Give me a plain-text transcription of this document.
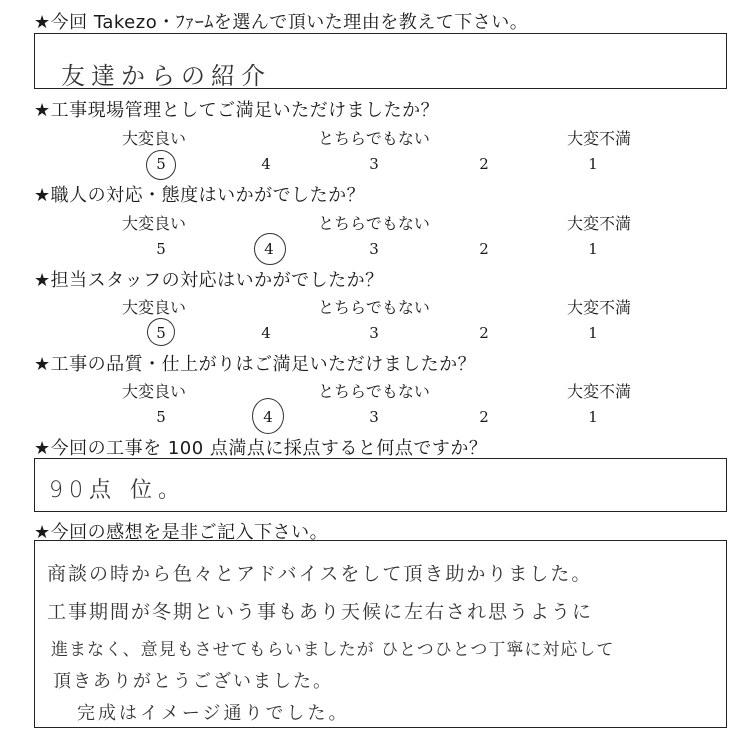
★今回 Takezo・ﾌｧｰﾑを選んで頂いた理由を教えて下さい。
友達からの紹介
★工事現場管理としてご満足いただけましたか？
大変良い	とちらでもない	大変不満
5	4	3	2	1
★職人の対応・態度はいかがでしたか？
大変良い	とちらでもない	大変不満
5	4	3	2	1
★担当スタッフの対応はいかがでしたか？
大変良い	とちらでもない	大変不満
5	4	3	2	1
★工事の品質・仕上がりはご満足いただけましたか？
大変良い	とちらでもない	大変不満
5	4	3	2	1
★今回の工事を 100 点満点に採点すると何点ですか？
90点 位。
★今回の感想を是非ご記入下さい。
商談の時から色々とアドバイスをして頂き助かりました。
工事期間が冬期という事もあり天候に左右され思うように
進まなく、意見もさせてもらいましたが ひとつひとつ丁寧に対応して
頂きありがとうございました。
完成はイメージ通りでした。
